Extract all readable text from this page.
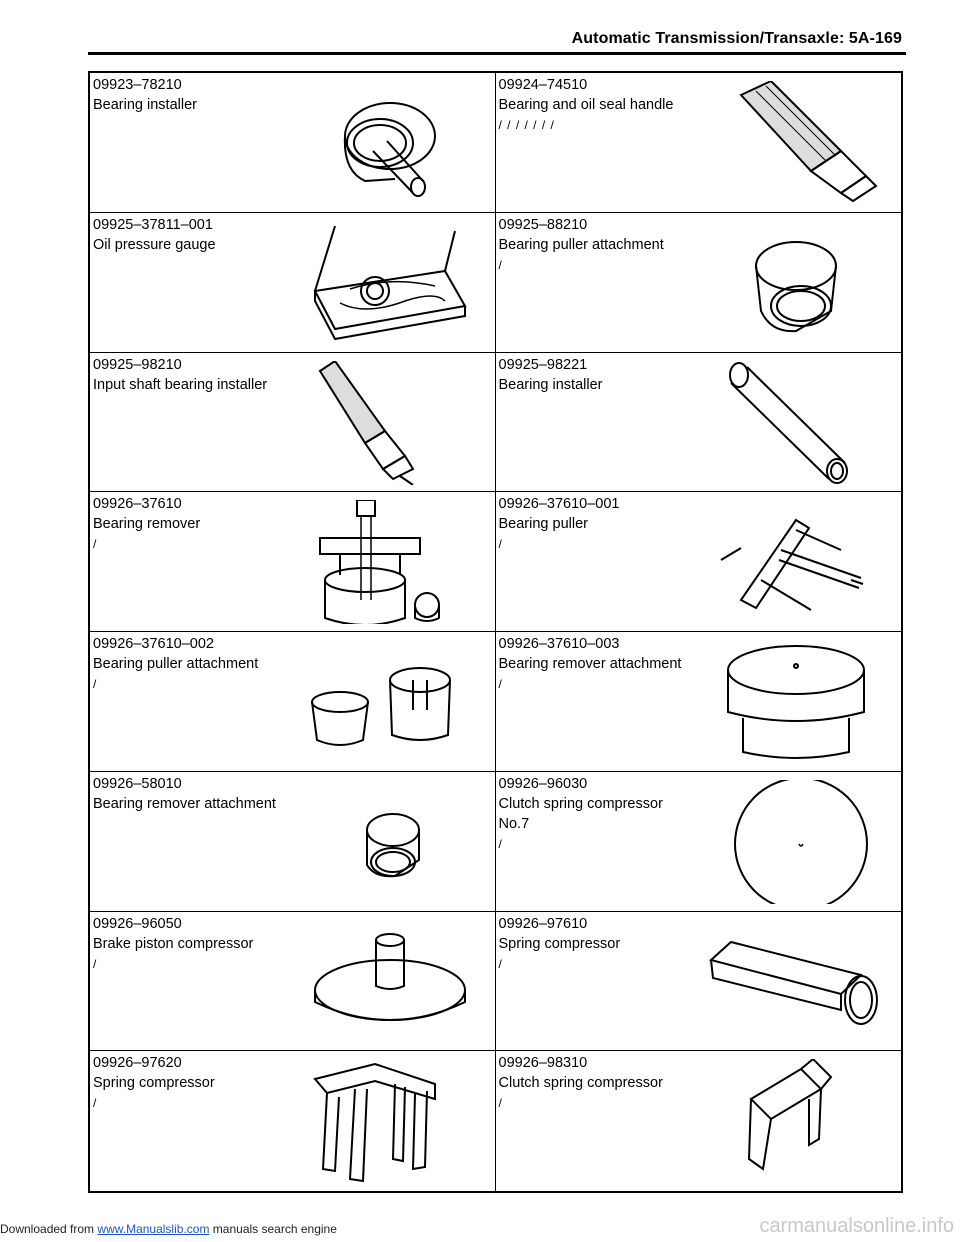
Automatic Transmission/Transaxle: 5A-169
09923–78210
Bearing installer
09924–74510
Bearing and oil seal handle
/ / / / / / /
09925–37811–001
Oil pressure gauge
09925–88210
Bearing puller attachment
/
09925–98210
Input shaft bearing installer
09925–98221
Bearing installer
09926–37610
Bearing remover
/
09926–37610–001
Bearing puller
/
09926–37610–002
Bearing puller attachment
/
09926–37610–003
Bearing remover attachment
/
09926–58010
Bearing remover attachment
09926–96030
Clutch spring compressor
No.7
/
09926–96050
Brake piston compressor
/
09926–97610
Spring compressor
/
09926–97620
Spring compressor
/
09926–98310
Clutch spring compressor
/
Downloaded from www.Manualslib.com manuals search engine	carmanualsonline.info
